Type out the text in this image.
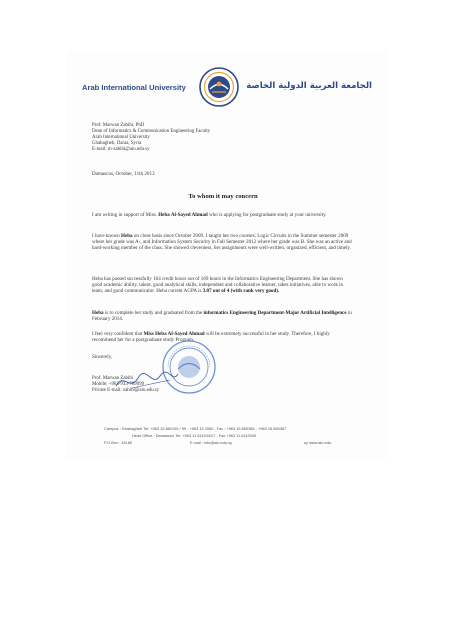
Arab International University	الجامعة العربية الدولية الخاصة
Prof. Marwan Zabibi, PhD
Dean of Informatics & Communication Engineering Faculty
Arab International University
Ghabagheb, Daraa, Syria
E-mail: m-zabibi@aiu.edu.sy
Damascus, October, 11th 2013
To whom it may concern

I am writing in support of Miss. Heba Al-Sayed Ahmad who is applying for postgraduate study at your university.

I have known Heba on close basis since October 2009. I taught her two courses; Logic Circuits in the Summer semester 2009 where her grade was A-, and Information System Security in Fall Semester 2012 where her grade was B. She was an active and hard-working member of the class. She showed cleverness, her assignments were well-written, organized, efficient, and timely.

Heba has passed successfully 164 credit hours out of 169 hours in the Informatics Engineering Department. She has shown good academic ability, talent, good analytical skills, independent and collaborative learner, takes initiatives, able to work in team, and good communicator. Heba current AGPA is 3.07 out of 4 (with rank very good).

Heba is to complete her study and graduated from the informatics Engineering Department-Major Artificial Intelligence in February 2014.

I feel very confident that Miss Heba Al-Sayed Ahmad will be extremely successful in her study. Therefore, I highly recommend her for a postgraduate study Program.

Sincerely,
Prof. Marwan Zabibi
Mobile: +963-933-789999
Private E-mail: zabibi@aiu.edu.sy
Campus : Ghabagheb Tel: +963 15 860100 / 99 - +963 15 2050 , Fax : +963 15 860385 - +963 15 860387
Head Office : Damascus Tel: +963 11 6119341/7 - Fax +963 11 6119340
P.O.Box : 16180	E.mail : info@aiu.edu.sy	sy www.aiu.edu.
